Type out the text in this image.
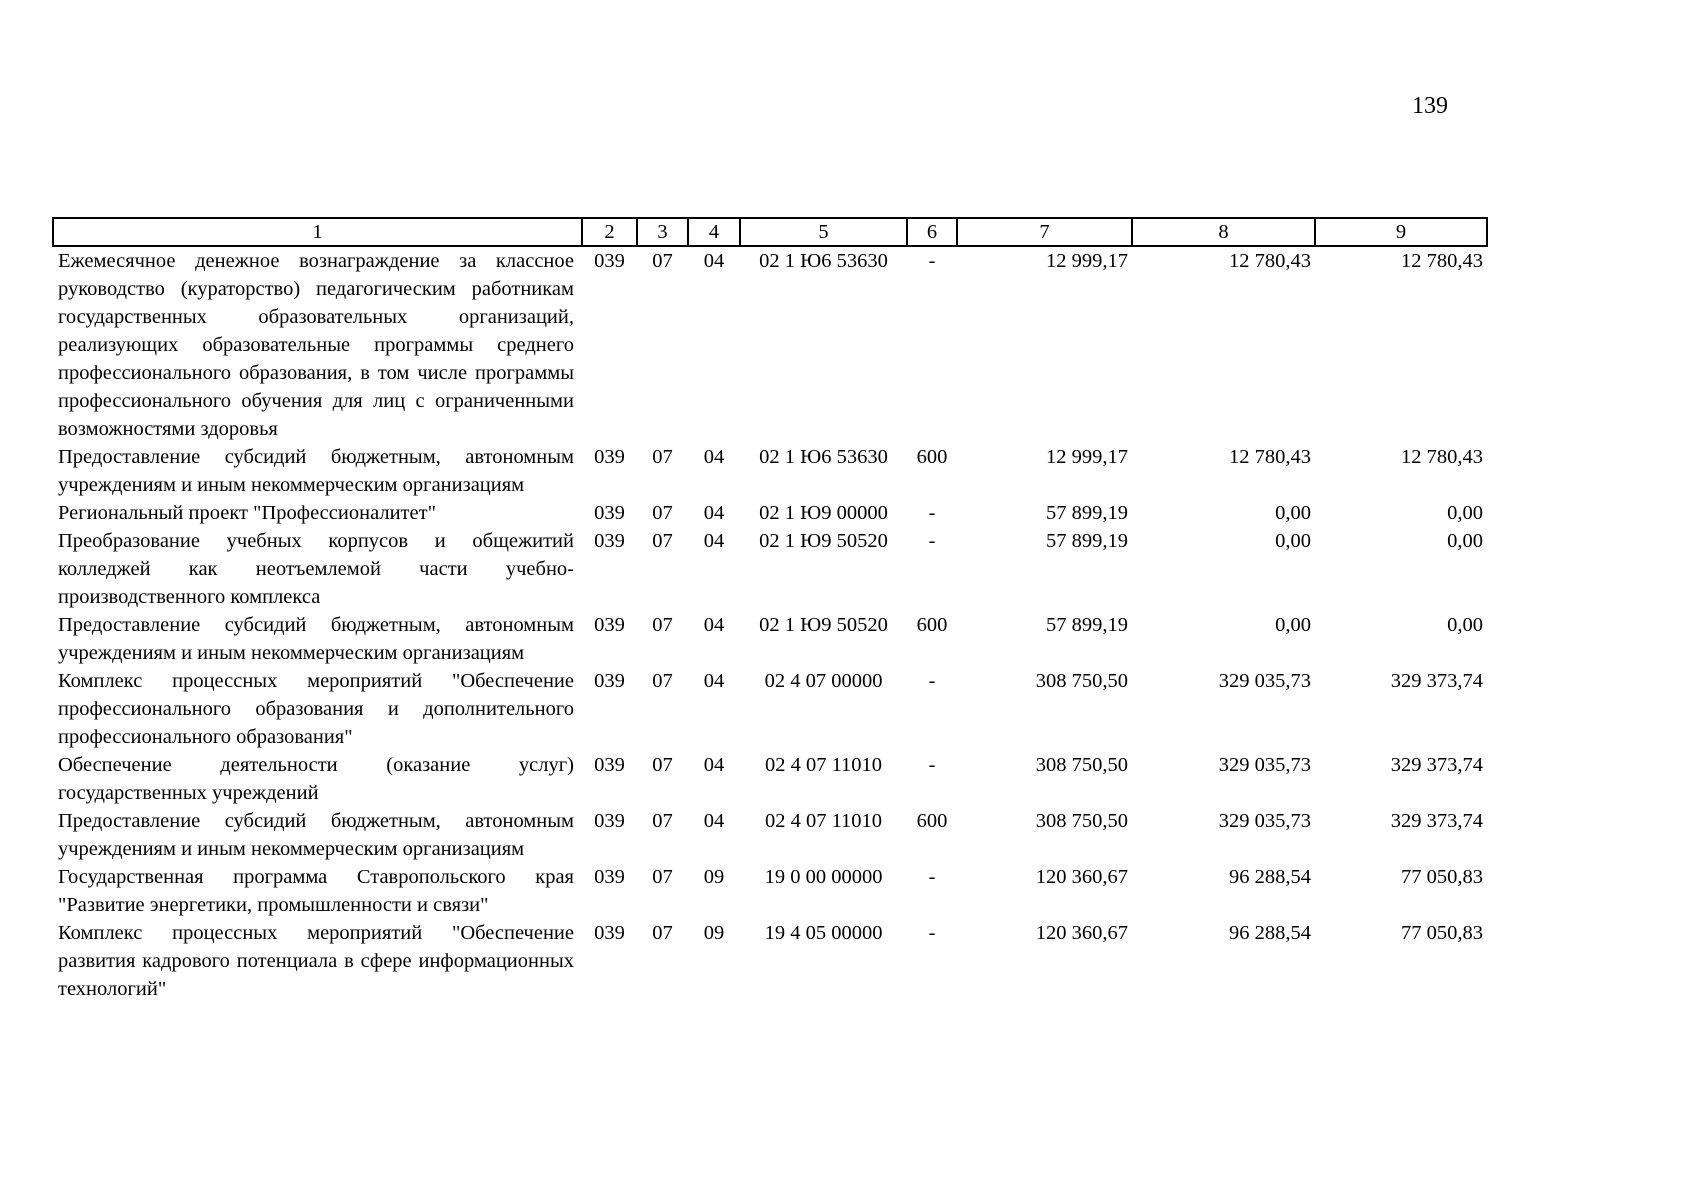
139
1	2	3	4	5	6	7	8	9
Ежемесячное денежное вознаграждение за классное руководство (кураторство) педагогическим работникам государственных образовательных организаций, реализующих образовательные программы среднего профессионального образования, в том числе программы профессионального обучения для лиц с ограниченными возможностями здоровья	039	07	04	02 1 Ю6 53630	-	12 999,17	12 780,43	12 780,43
Предоставление субсидий бюджетным, автономным учреждениям и иным некоммерческим организациям	039	07	04	02 1 Ю6 53630	600	12 999,17	12 780,43	12 780,43
Региональный проект "Профессионалитет"	039	07	04	02 1 Ю9 00000	-	57 899,19	0,00	0,00
Преобразование учебных корпусов и общежитий колледжей как неотъемлемой части учебно-производственного комплекса	039	07	04	02 1 Ю9 50520	-	57 899,19	0,00	0,00
Предоставление субсидий бюджетным, автономным учреждениям и иным некоммерческим организациям	039	07	04	02 1 Ю9 50520	600	57 899,19	0,00	0,00
Комплекс процессных мероприятий "Обеспечение профессионального образования и дополнительного профессионального образования"	039	07	04	02 4 07 00000	-	308 750,50	329 035,73	329 373,74
Обеспечение деятельности (оказание услуг) государственных учреждений	039	07	04	02 4 07 11010	-	308 750,50	329 035,73	329 373,74
Предоставление субсидий бюджетным, автономным учреждениям и иным некоммерческим организациям	039	07	04	02 4 07 11010	600	308 750,50	329 035,73	329 373,74
Государственная программа Ставропольского края "Развитие энергетики, промышленности и связи"	039	07	09	19 0 00 00000	-	120 360,67	96 288,54	77 050,83
Комплекс процессных мероприятий "Обеспечение развития кадрового потенциала в сфере информационных технологий"	039	07	09	19 4 05 00000	-	120 360,67	96 288,54	77 050,83
